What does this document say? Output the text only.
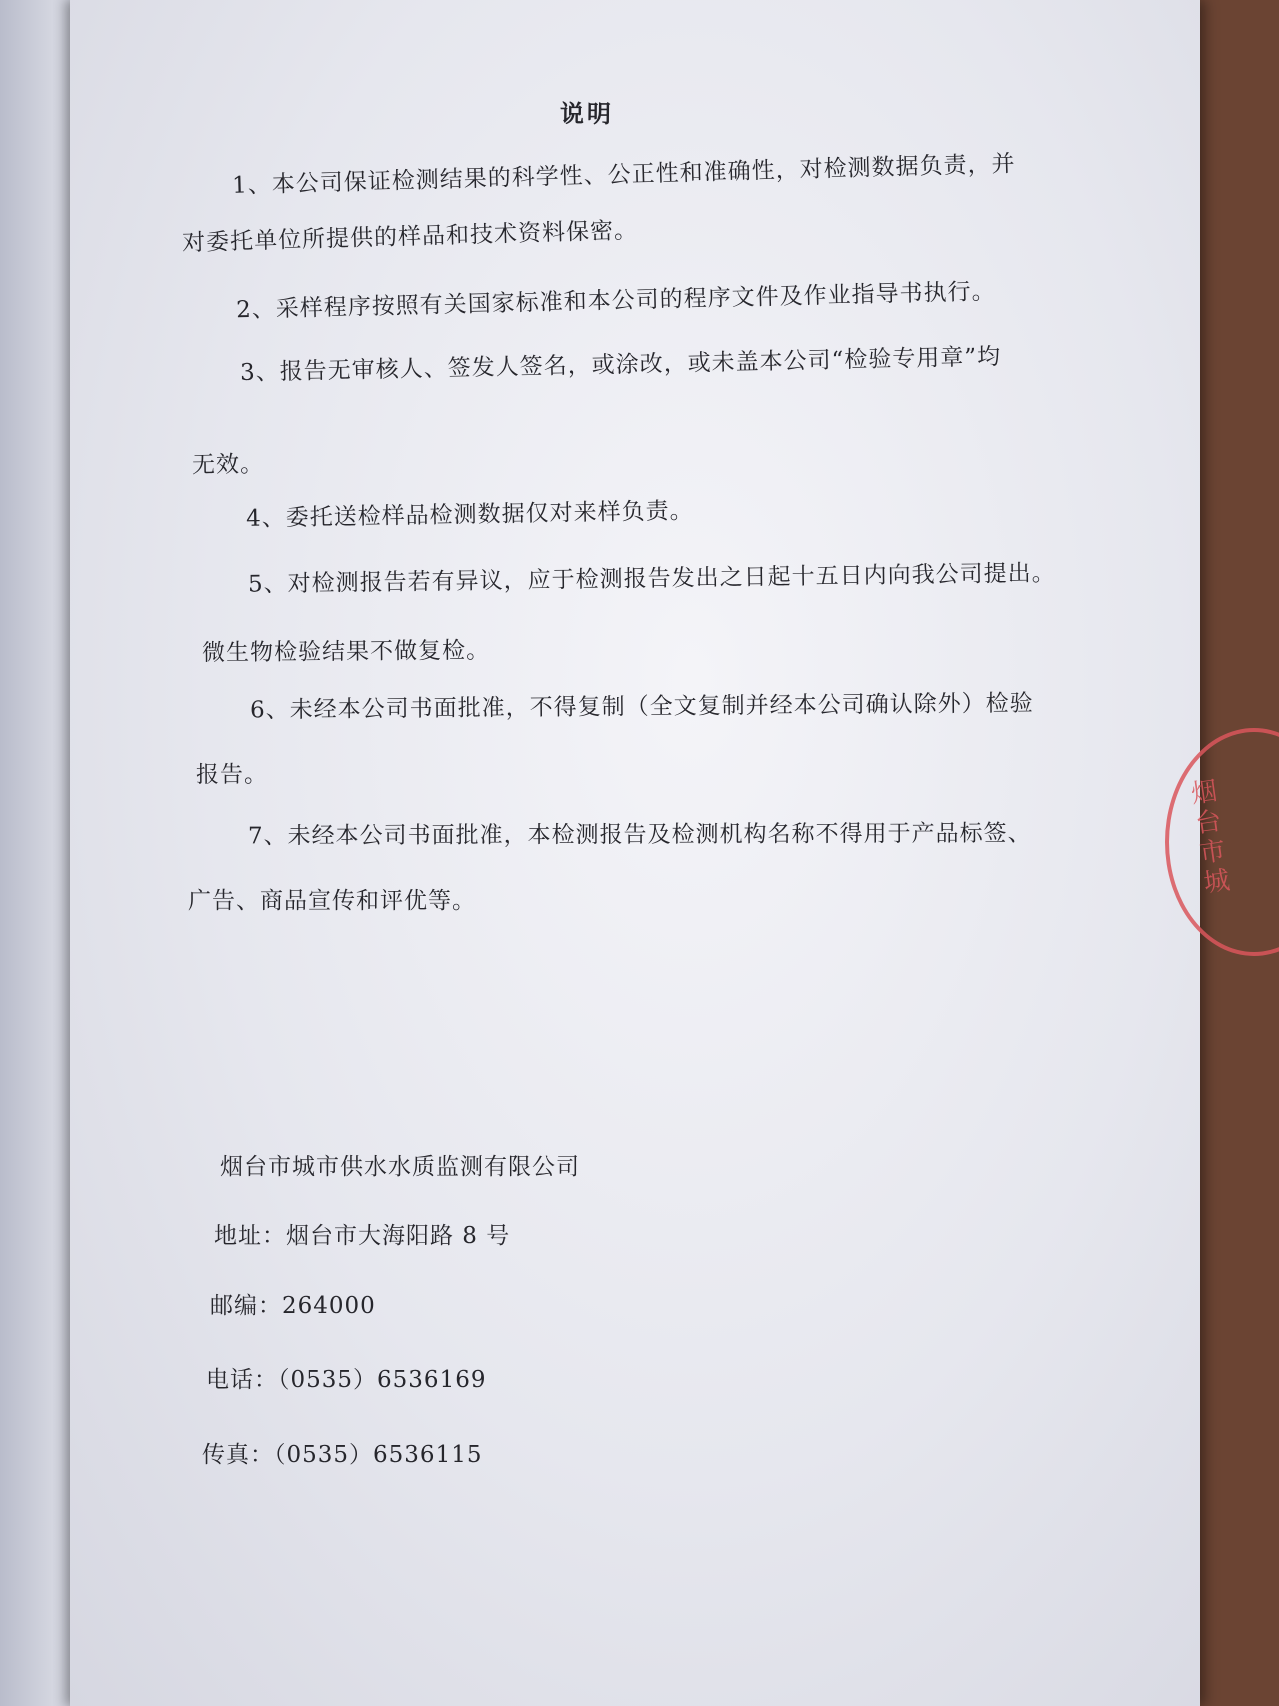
说明

1、本公司保证检测结果的科学性、公正性和准确性，对检测数据负责，并

对委托单位所提供的样品和技术资料保密。

2、采样程序按照有关国家标准和本公司的程序文件及作业指导书执行。

3、报告无审核人、签发人签名，或涂改，或未盖本公司“检验专用章”均

无效。

4、委托送检样品检测数据仅对来样负责。

5、对检测报告若有异议，应于检测报告发出之日起十五日内向我公司提出。

微生物检验结果不做复检。

6、未经本公司书面批准，不得复制（全文复制并经本公司确认除外）检验

报告。

7、未经本公司书面批准，本检测报告及检测机构名称不得用于产品标签、

广告、商品宣传和评优等。

烟台市城市供水水质监测有限公司

地址：烟台市大海阳路 8 号

邮编：264000

电话：（0535）6536169

传真：（0535）6536115

烟台市城
